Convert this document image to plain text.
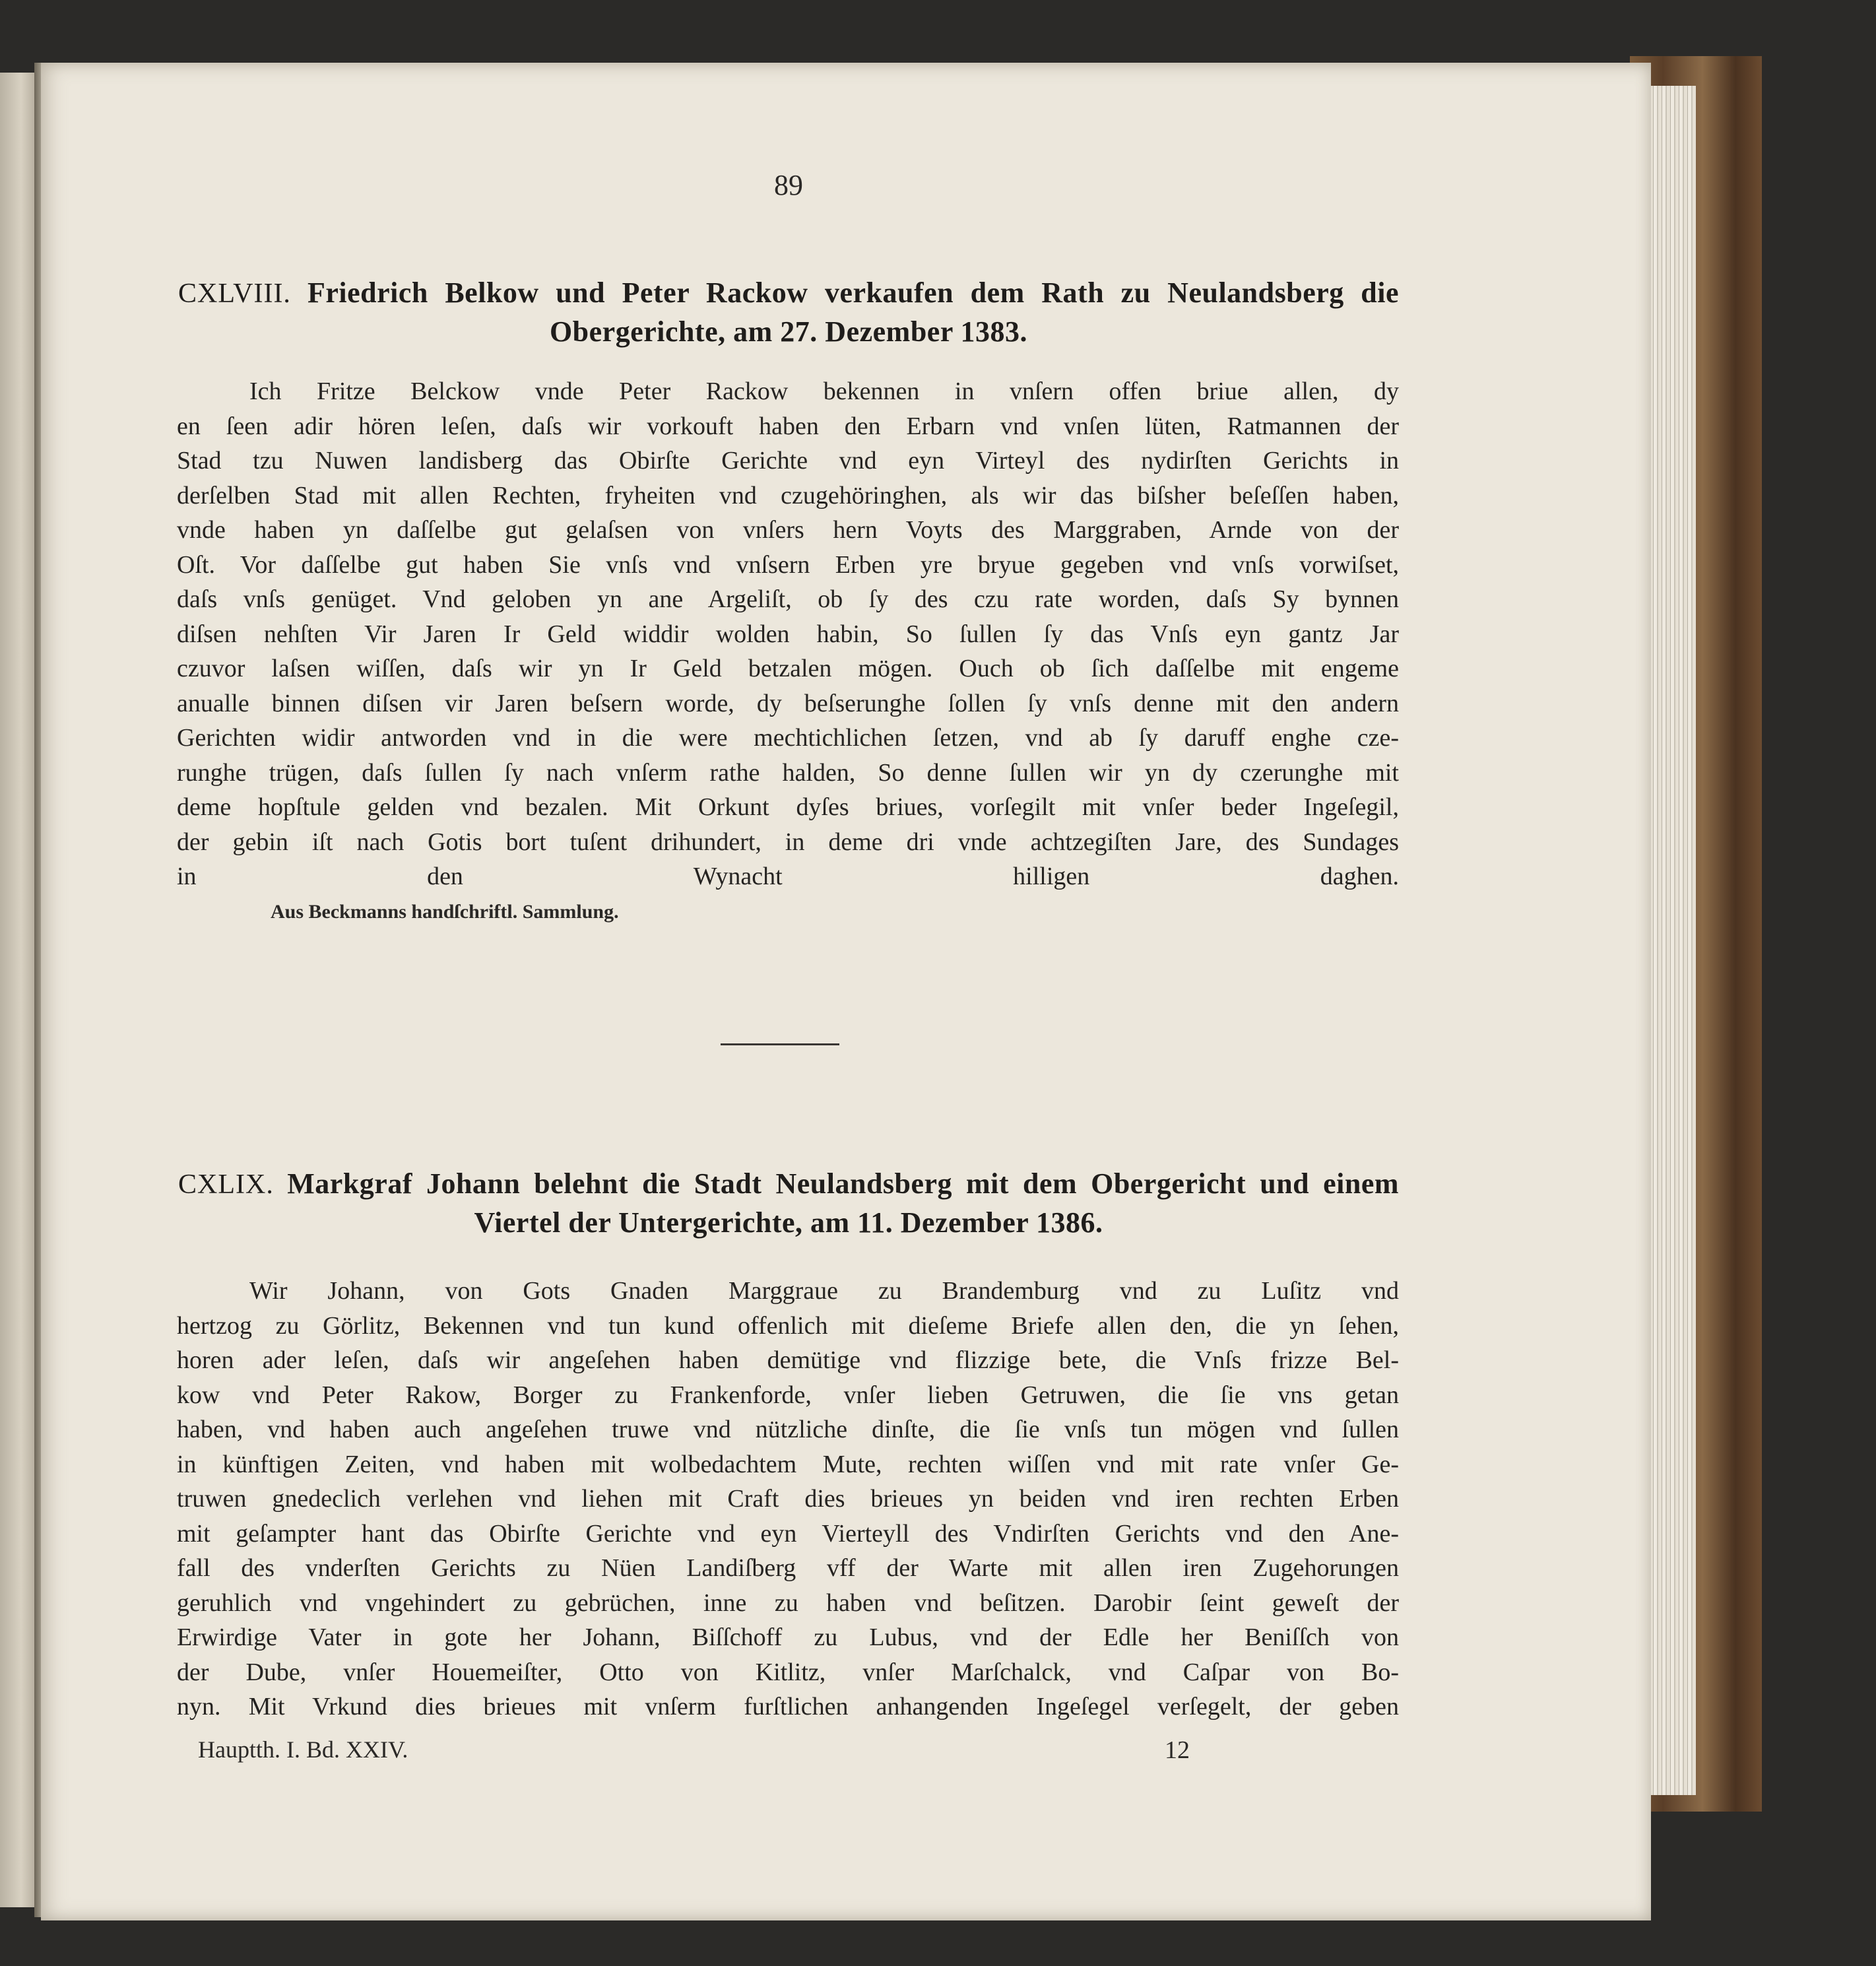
89
CXLVIII. Friedrich Belkow und Peter Rackow verkaufen dem Rath zu Neulandsberg die
Obergerichte, am 27. Dezember 1383.
Ich Fritze Belckow vnde Peter Rackow bekennen in vnſern offen briue allen, dy
en ſeen adir hören leſen, daſs wir vorkouft haben den Erbarn vnd vnſen lüten, Ratmannen der
Stad tzu Nuwen landisberg das Obirſte Gerichte vnd eyn Virteyl des nydirſten Gerichts in
derſelben Stad mit allen Rechten, fryheiten vnd czugehöringhen, als wir das biſsher beſeſſen haben,
vnde haben yn daſſelbe gut gelaſsen von vnſers hern Voyts des Marggraben, Arnde von der
Oſt. Vor daſſelbe gut haben Sie vnſs vnd vnſsern Erben yre bryue gegeben vnd vnſs vorwiſset,
daſs vnſs genüget. Vnd geloben yn ane Argeliſt, ob ſy des czu rate worden, daſs Sy bynnen
diſsen nehſten Vir Jaren Ir Geld widdir wolden habin, So ſullen ſy das Vnſs eyn gantz Jar
czuvor laſsen wiſſen, daſs wir yn Ir Geld betzalen mögen. Ouch ob ſich daſſelbe mit engeme
anualle binnen diſsen vir Jaren beſsern worde, dy beſserunghe ſollen ſy vnſs denne mit den andern
Gerichten widir antworden vnd in die were mechtichlichen ſetzen, vnd ab ſy daruff enghe cze-
runghe trügen, daſs ſullen ſy nach vnſerm rathe halden, So denne ſullen wir yn dy czerunghe mit
deme hopſtule gelden vnd bezalen. Mit Orkunt dyſes briues, vorſegilt mit vnſer beder Ingeſegil,
der gebin iſt nach Gotis bort tuſent drihundert, in deme dri vnde achtzegiſten Jare, des Sundages
in den Wynacht hilligen daghen.
Aus Beckmanns handſchriftl. Sammlung.
CXLIX. Markgraf Johann belehnt die Stadt Neulandsberg mit dem Obergericht und einem
Viertel der Untergerichte, am 11. Dezember 1386.
Wir Johann, von Gots Gnaden Marggraue zu Brandemburg vnd zu Luſitz vnd
hertzog zu Görlitz, Bekennen vnd tun kund offenlich mit dieſeme Briefe allen den, die yn ſehen,
horen ader leſen, daſs wir angeſehen haben demütige vnd flizzige bete, die Vnſs frizze Bel-
kow vnd Peter Rakow, Borger zu Frankenforde, vnſer lieben Getruwen, die ſie vns getan
haben, vnd haben auch angeſehen truwe vnd nützliche dinſte, die ſie vnſs tun mögen vnd ſullen
in künftigen Zeiten, vnd haben mit wolbedachtem Mute, rechten wiſſen vnd mit rate vnſer Ge-
truwen gnedeclich verlehen vnd liehen mit Craft dies brieues yn beiden vnd iren rechten Erben
mit geſampter hant das Obirſte Gerichte vnd eyn Vierteyll des Vndirſten Gerichts vnd den Ane-
fall des vnderſten Gerichts zu Nüen Landiſberg vff der Warte mit allen iren Zugehorungen
geruhlich vnd vngehindert zu gebrüchen, inne zu haben vnd beſitzen. Darobir ſeint geweſt der
Erwirdige Vater in gote her Johann, Biſſchoff zu Lubus, vnd der Edle her Beniſſch von
der Dube, vnſer Houemeiſter, Otto von Kitlitz, vnſer Marſchalck, vnd Caſpar von Bo-
nyn. Mit Vrkund dies brieues mit vnſerm furſtlichen anhangenden Ingeſegel verſegelt, der geben
Hauptth. I. Bd. XXIV.	12
